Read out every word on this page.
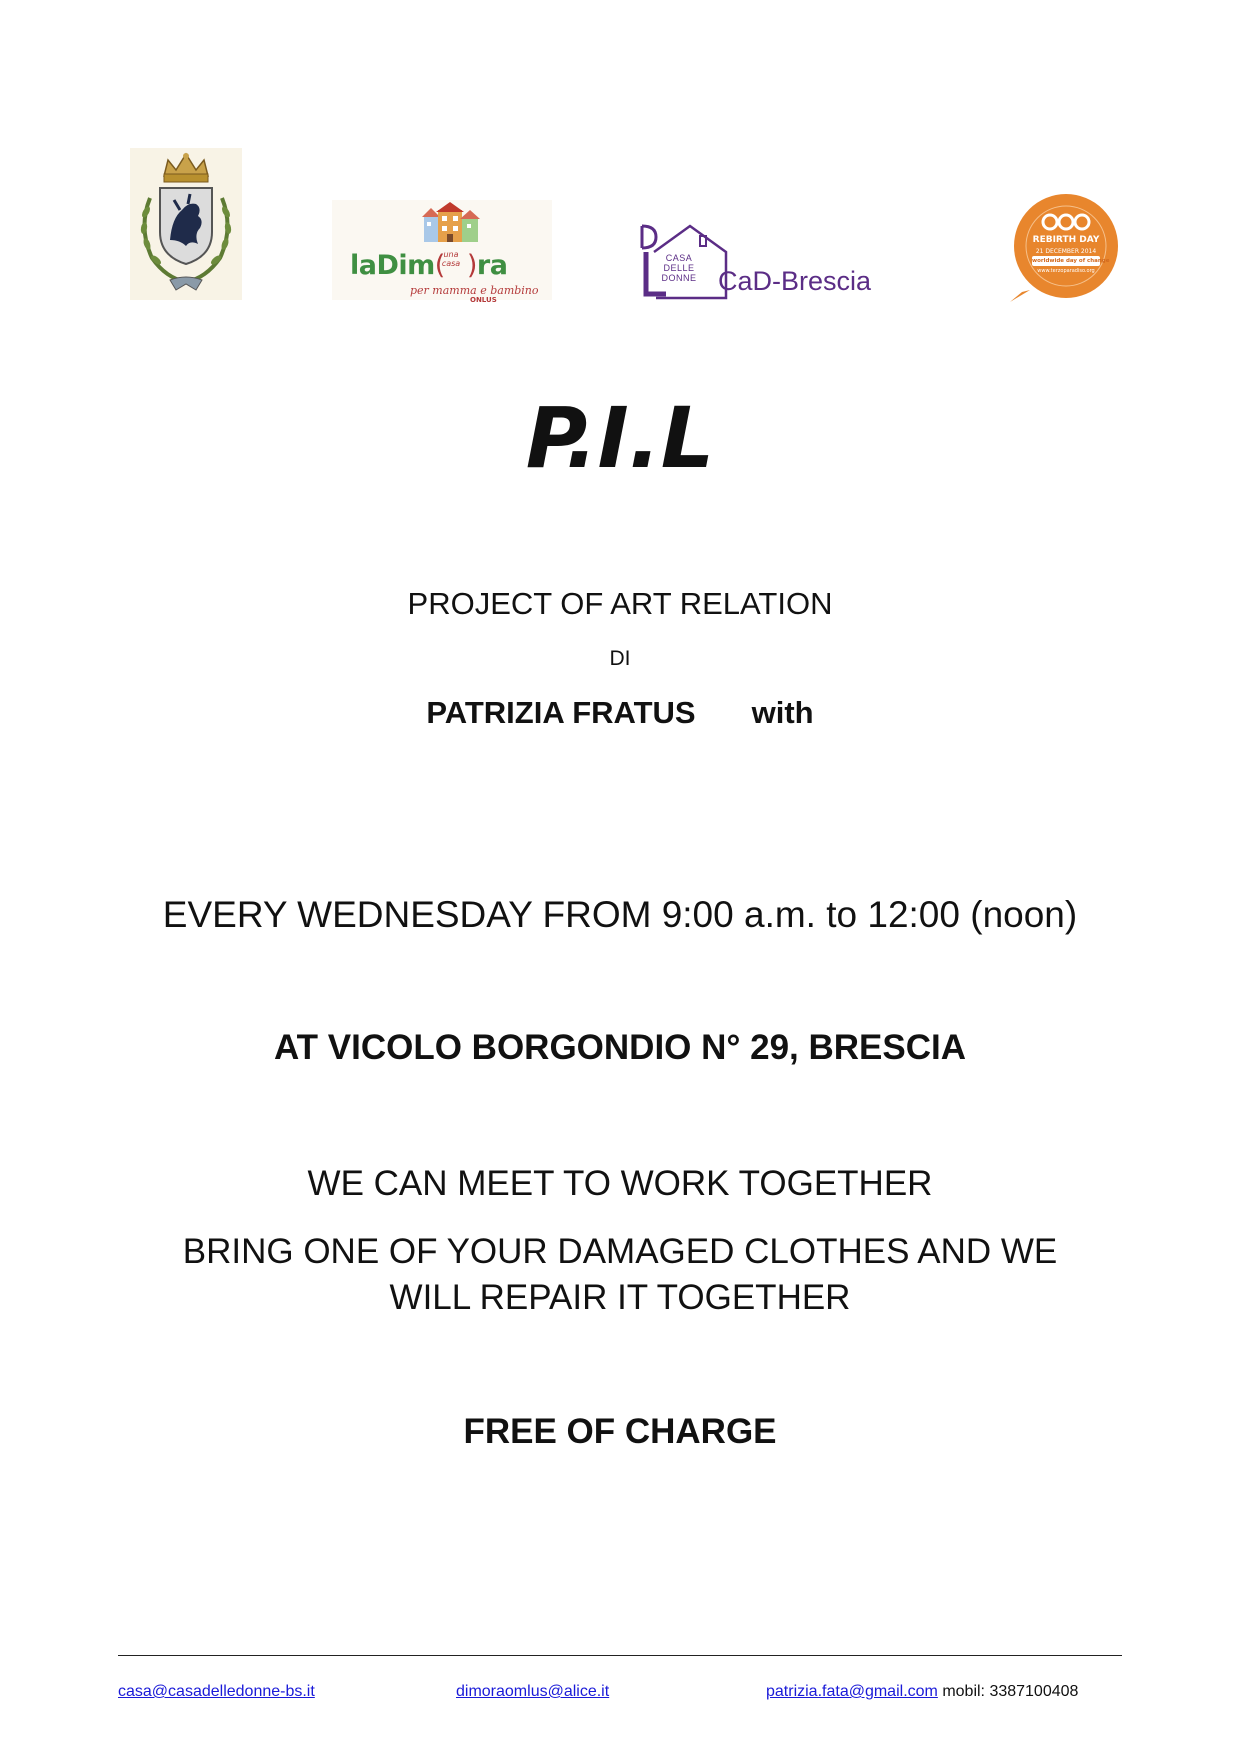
laDim( )ra
una casa
per mamma e bambino
ONLUS
CASA DELLE DONNE CaD-Brescia
REBIRTH DAY
21 DECEMBER 2014
worldwide day of change
www.terzoparadiso.org
P.I.L
PROJECT OF ART RELATION
DI
PATRIZIA FRATUS with
EVERY WEDNESDAY FROM 9:00 a.m. to 12:00 (noon)
AT VICOLO BORGONDIO N° 29, BRESCIA
WE CAN MEET TO WORK TOGETHER
BRING ONE OF YOUR DAMAGED CLOTHES AND WE
WILL REPAIR IT TOGETHER
FREE OF CHARGE
casa@casadelledonne-bs.it	dimoraomlus@alice.it	patrizia.fata@gmail.com mobil: 3387100408
